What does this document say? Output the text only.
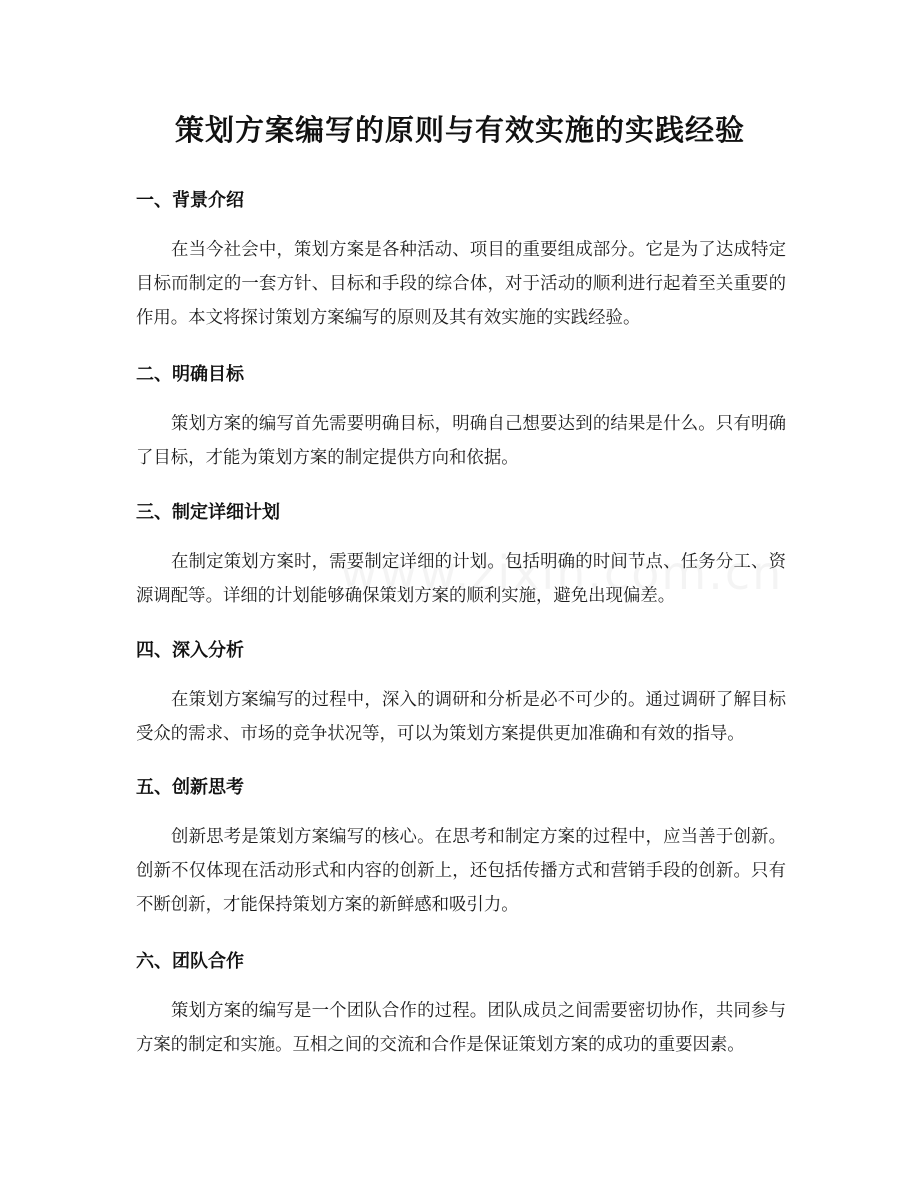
策划方案编写的原则与有效实施的实践经验
一、背景介绍

在当今社会中，策划方案是各种活动、项目的重要组成部分。它是为了达成特定目标而制定的一套方针、目标和手段的综合体，对于活动的顺利进行起着至关重要的作用。本文将探讨策划方案编写的原则及其有效实施的实践经验。

二、明确目标

策划方案的编写首先需要明确目标，明确自己想要达到的结果是什么。只有明确了目标，才能为策划方案的制定提供方向和依据。

三、制定详细计划

在制定策划方案时，需要制定详细的计划。包括明确的时间节点、任务分工、资源调配等。详细的计划能够确保策划方案的顺利实施，避免出现偏差。

四、深入分析

在策划方案编写的过程中，深入的调研和分析是必不可少的。通过调研了解目标受众的需求、市场的竞争状况等，可以为策划方案提供更加准确和有效的指导。

五、创新思考

创新思考是策划方案编写的核心。在思考和制定方案的过程中，应当善于创新。创新不仅体现在活动形式和内容的创新上，还包括传播方式和营销手段的创新。只有不断创新，才能保持策划方案的新鲜感和吸引力。

六、团队合作

策划方案的编写是一个团队合作的过程。团队成员之间需要密切协作，共同参与方案的制定和实施。互相之间的交流和合作是保证策划方案的成功的重要因素。
